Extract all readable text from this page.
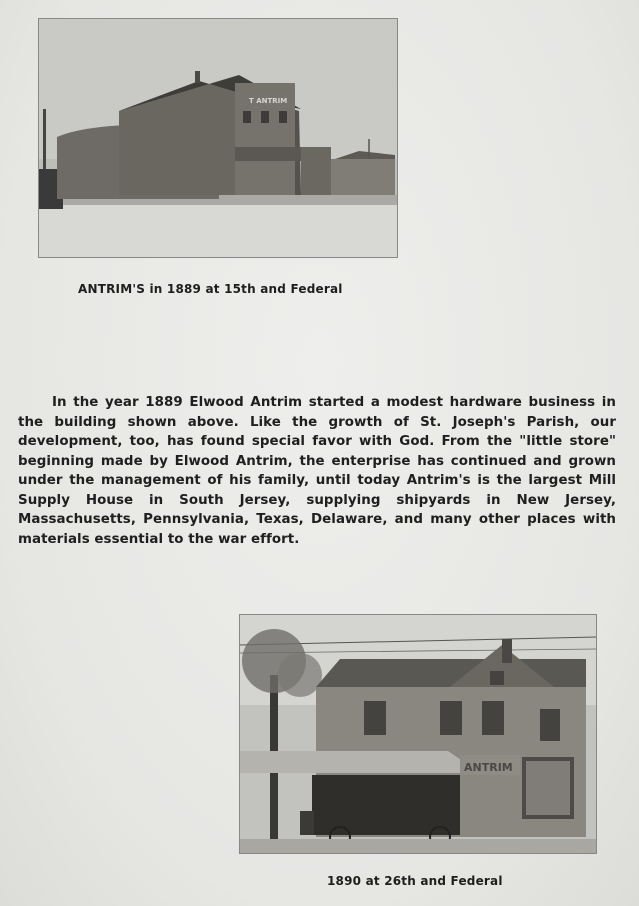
T ANTRIM
ANTRIM'S in 1889 at 15th and Federal

In the year 1889 Elwood Antrim started a modest hardware business in the building shown above. Like the growth of St. Joseph's Parish, our development, too, has found special favor with God. From the "little store" beginning made by Elwood Antrim, the enterprise has continued and grown under the management of his family, until today Antrim's is the largest Mill Supply House in South Jersey, supplying shipyards in New Jersey, Massachusetts, Pennsylvania, Texas, Delaware, and many other places with materials essential to the war effort.

ANTRIM
1890 at 26th and Federal
